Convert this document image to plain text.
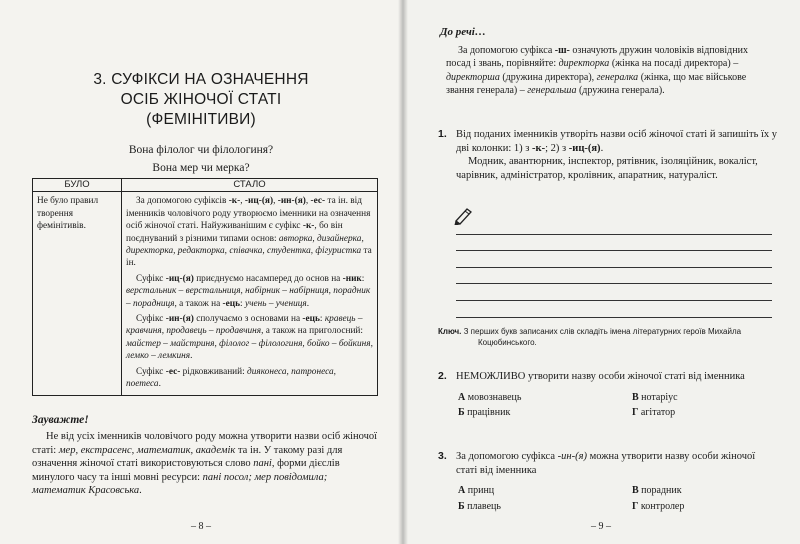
3. СУФІКСИ НА ОЗНАЧЕННЯ
ОСІБ ЖІНОЧОЇ СТАТІ
(ФЕМІНІТИВИ)

Вона філолог чи філологиня?

Вона мер чи мерка?

БУЛО	СТАЛО
Не було правил творення фемінітивів.	За допомогою суфіксів -к-, -иц-(я), -ин-(я), -ес- та ін. від іменників чоловічого роду утворюємо іменники на означення осіб жіночої статі. Найуживанішим є суфікс -к-, бо він поєднуваний з різними типами основ: авторка, дизайнерка, директорка, редакторка, співачка, студентка, фігуристка та ін.

Суфікс -иц-(я) приєднуємо насамперед до основ на -ник: верстальник – верстальниця, набірник – набірниця, порадник – порадниця, а також на -ець: учень – учениця.

Суфікс -ин-(я) сполучаємо з основами на -ець: кравець – кравчиня, продавець – продавчиня, а також на приголосний: майстер – майстриня, філолог – філологиня, бойко – бойкиня, лемко – лемкиня.

Суфікс -ес- рідковживаний: дияконеса, патронеса, поетеса.

Зауважте!

Не від усіх іменників чоловічого роду можна утворити назви осіб жіночої статі: мер, екстрасенс, математик, академік та ін. У такому разі для означення жіночої статі використовуються слово пані, форми дієслів минулого часу та інші мовні ресурси: пані посол; мер повідомила; математик Красовська.

– 8 –

До речі…

За допомогою суфікса -ш- означують дружин чоловіків відповідних посад і звань, порівняйте: директорка (жінка на посаді директора) – директорша (дружина директора), генералка (жінка, що має військове звання генерала) – генеральша (дружина генерала).

1. Від поданих іменників утворіть назви осіб жіночої статі й запишіть їх у дві колонки: 1) з -к-; 2) з -иц-(я).

Модник, авантюрник, інспектор, рятівник, ізоляційник, вокаліст, чарівник, адміністратор, кролівник, апаратник, натураліст.

Ключ. З перших букв записаних слів складіть імена літературних героїв Михайла Коцюбинського.

2. НЕМОЖЛИВО утворити назву особи жіночої статі від іменника

А мовознавець	В нотаріус
Б працівник	Г агітатор
3. За допомогою суфікса -ин-(я) можна утворити назву особи жіночої статі від іменника

А принц	В порадник
Б плавець	Г контролер

– 9 –
